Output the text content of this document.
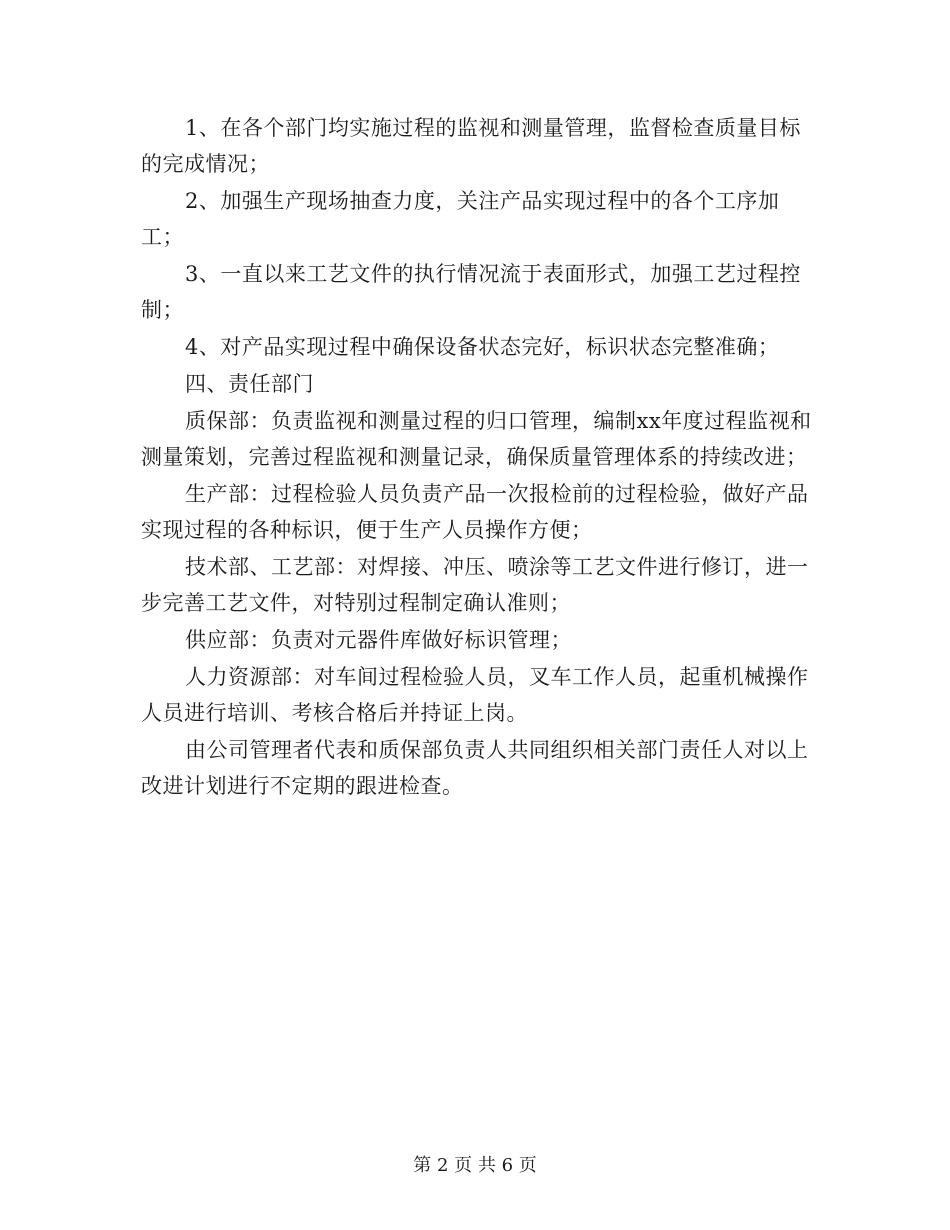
1、在各个部门均实施过程的监视和测量管理，监督检查质量目标的完成情况；

2、加强生产现场抽查力度，关注产品实现过程中的各个工序加工；

3、一直以来工艺文件的执行情况流于表面形式，加强工艺过程控制；

4、对产品实现过程中确保设备状态完好，标识状态完整准确；

四、责任部门

质保部：负责监视和测量过程的归口管理，编制xx年度过程监视和测量策划，完善过程监视和测量记录，确保质量管理体系的持续改进；

生产部：过程检验人员负责产品一次报检前的过程检验，做好产品实现过程的各种标识，便于生产人员操作方便；

技术部、工艺部：对焊接、冲压、喷涂等工艺文件进行修订，进一步完善工艺文件，对特别过程制定确认准则；

供应部：负责对元器件库做好标识管理；

人力资源部：对车间过程检验人员，叉车工作人员，起重机械操作人员进行培训、考核合格后并持证上岗。

由公司管理者代表和质保部负责人共同组织相关部门责任人对以上改进计划进行不定期的跟进检查。

第 2 页 共 6 页
